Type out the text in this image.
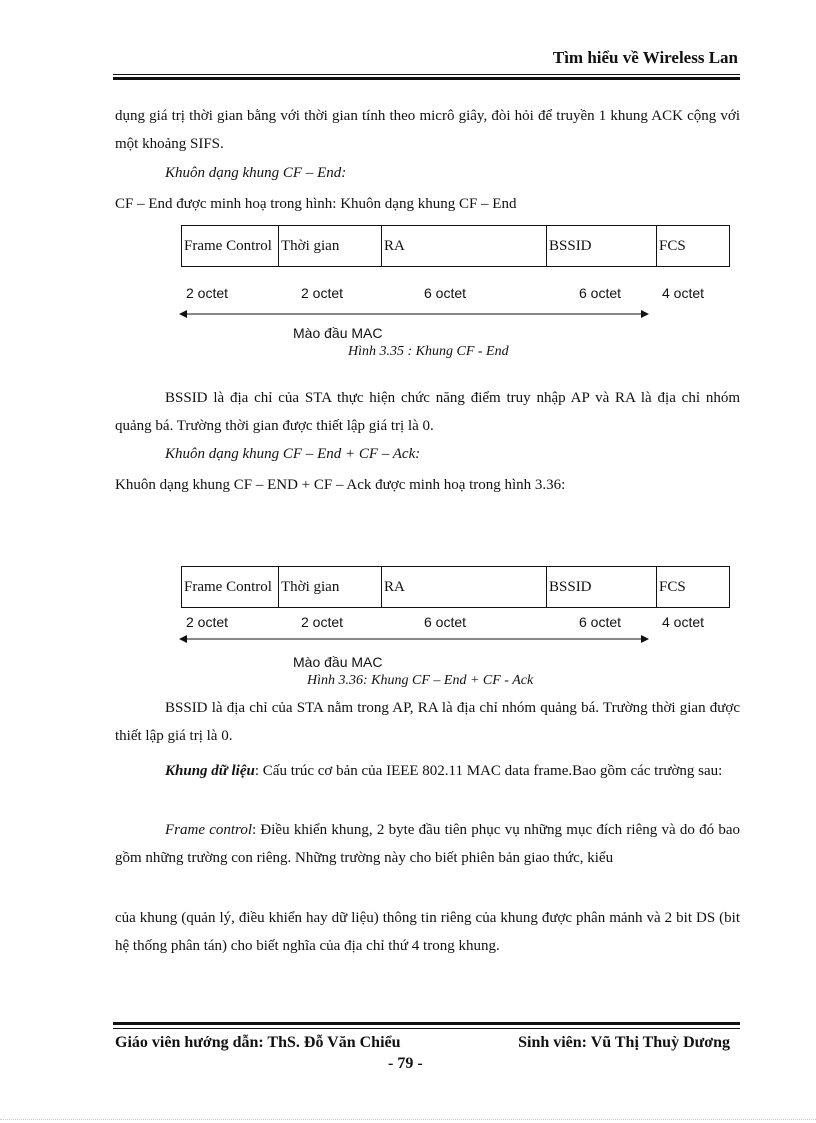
Tìm hiểu về Wireless Lan
dụng giá trị thời gian bằng với thời gian tính theo micrô giây, đòi hỏi để truyền 1 khung ACK cộng với một khoảng SIFS.
Khuôn dạng khung CF – End:
CF – End được minh hoạ trong hình: Khuôn dạng khung CF – End
Frame Control	Thời gian	RA	BSSID	FCS
2 octet	2 octet	6 octet	6 octet	4 octet
Mào đầu MAC
Hình 3.35 : Khung CF - End
BSSID là địa chỉ của STA thực hiện chức năng điểm truy nhập AP và RA là địa chỉ nhóm quảng bá. Trường thời gian được thiết lập giá trị là 0.
Khuôn dạng khung CF – End + CF – Ack:
Khuôn dạng khung CF – END + CF – Ack được minh hoạ trong hình 3.36:
Frame Control	Thời gian	RA	BSSID	FCS
2 octet	2 octet	6 octet	6 octet	4 octet
Mào đầu MAC
Hình 3.36: Khung CF – End + CF - Ack
BSSID là địa chỉ của STA nằm trong AP, RA là địa chỉ nhóm quảng bá. Trường thời gian được thiết lập giá trị là 0.
Khung dữ liệu: Cấu trúc cơ bản của IEEE 802.11 MAC data frame.Bao gồm các trường sau:
Frame control: Điều khiển khung, 2 byte đầu tiên phục vụ những mục đích riêng và do đó bao gồm những trường con riêng. Những trường này cho biết phiên bản giao thức, kiểu
của khung (quản lý, điều khiển hay dữ liệu) thông tin riêng của khung được phân mảnh và 2 bit DS (bit hệ thống phân tán) cho biết nghĩa của địa chỉ thứ 4 trong khung.
Giáo viên hướng dẫn: ThS. Đỗ Văn Chiểu	Sinh viên: Vũ Thị Thuỳ Dương
- 79 -
